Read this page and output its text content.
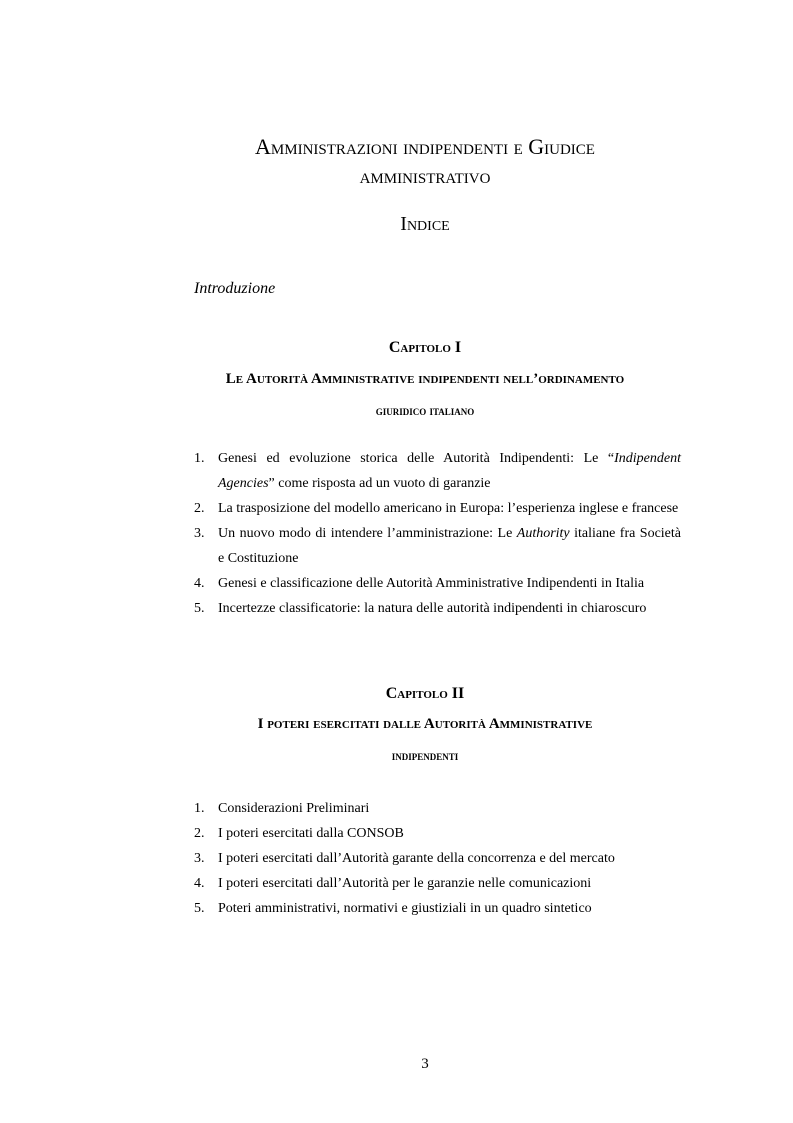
Amministrazioni indipendenti e Giudice
amministrativo
Indice
Introduzione
Capitolo I
Le Autorità Amministrative indipendenti nell’ordinamento
giuridico italiano
1. Genesi ed evoluzione storica delle Autorità Indipendenti: Le “Indipendent Agencies” come risposta ad un vuoto di garanzie
2. La trasposizione del modello americano in Europa: l’esperienza inglese e francese
3. Un nuovo modo di intendere l’amministrazione: Le Authority italiane fra Società e Costituzione
4. Genesi e classificazione delle Autorità Amministrative Indipendenti in Italia
5. Incertezze classificatorie: la natura delle autorità indipendenti in chiaroscuro
Capitolo II
I poteri esercitati dalle Autorità Amministrative
indipendenti
1. Considerazioni Preliminari
2. I poteri esercitati dalla CONSOB
3. I poteri esercitati dall’Autorità garante della concorrenza e del mercato
4. I poteri esercitati dall’Autorità per le garanzie nelle comunicazioni
5. Poteri amministrativi, normativi e giustiziali in un quadro sintetico
3
